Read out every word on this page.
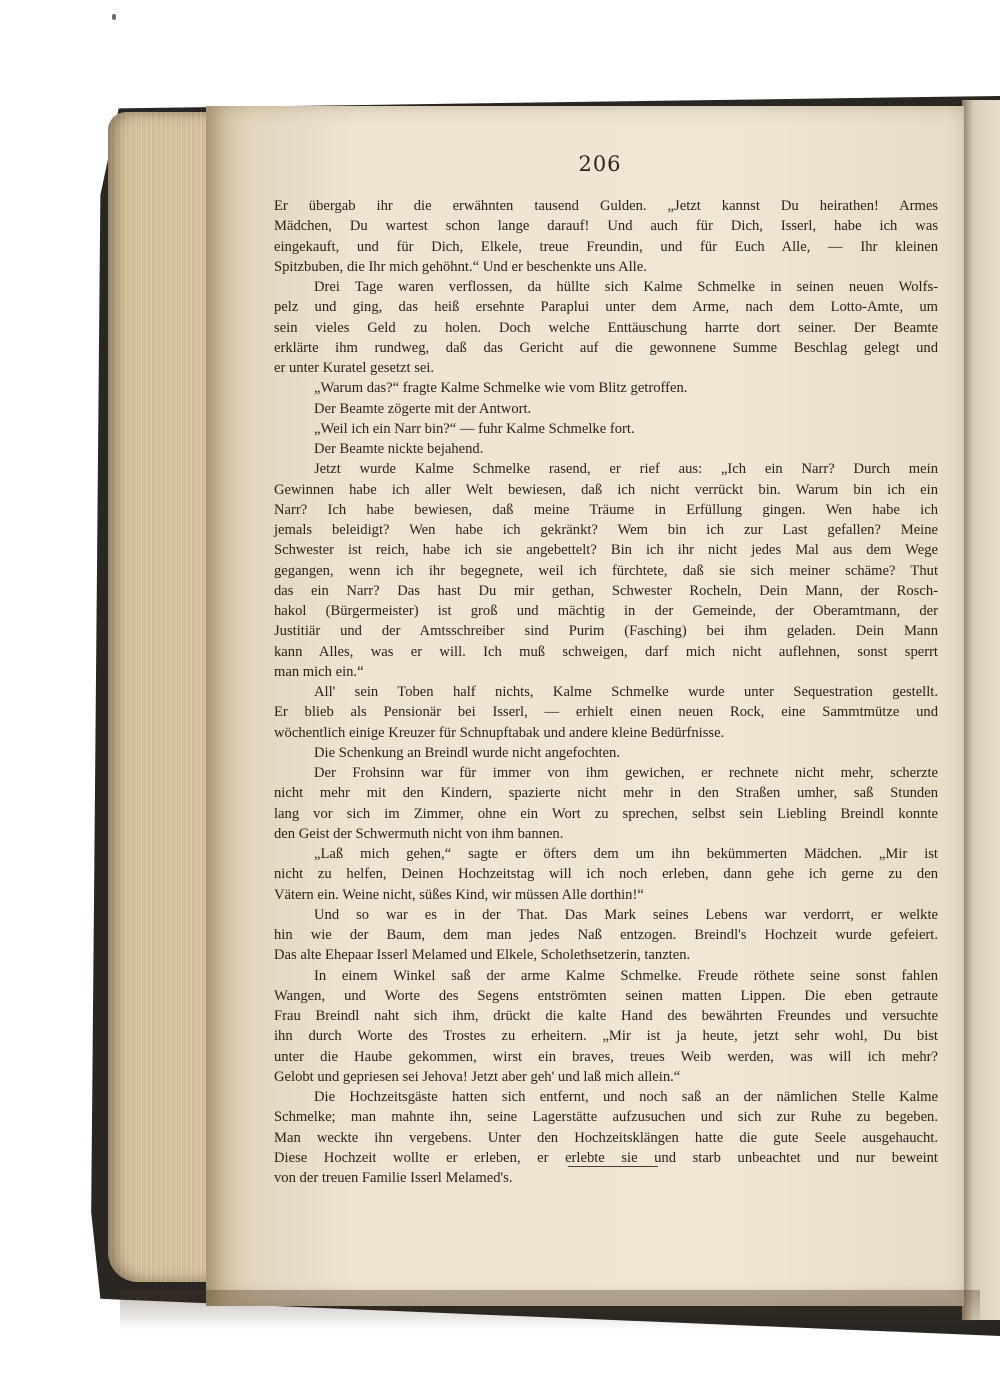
206
Er übergab ihr die erwähnten tausend Gulden. „Jetzt kannst Du heirathen! Armes
Mädchen, Du wartest schon lange darauf! Und auch für Dich, Isserl, habe ich was
eingekauft, und für Dich, Elkele, treue Freundin, und für Euch Alle, — Ihr kleinen
Spitzbuben, die Ihr mich gehöhnt.“ Und er beschenkte uns Alle.
Drei Tage waren verflossen, da hüllte sich Kalme Schmelke in seinen neuen Wolfs-
pelz und ging, das heiß ersehnte Paraplui unter dem Arme, nach dem Lotto-Amte, um
sein vieles Geld zu holen. Doch welche Enttäuschung harrte dort seiner. Der Beamte
erklärte ihm rundweg, daß das Gericht auf die gewonnene Summe Beschlag gelegt und
er unter Kuratel gesetzt sei.
„Warum das?“ fragte Kalme Schmelke wie vom Blitz getroffen.
Der Beamte zögerte mit der Antwort.
„Weil ich ein Narr bin?“ — fuhr Kalme Schmelke fort.
Der Beamte nickte bejahend.
Jetzt wurde Kalme Schmelke rasend, er rief aus: „Ich ein Narr? Durch mein
Gewinnen habe ich aller Welt bewiesen, daß ich nicht verrückt bin. Warum bin ich ein
Narr? Ich habe bewiesen, daß meine Träume in Erfüllung gingen. Wen habe ich
jemals beleidigt? Wen habe ich gekränkt? Wem bin ich zur Last gefallen? Meine
Schwester ist reich, habe ich sie angebettelt? Bin ich ihr nicht jedes Mal aus dem Wege
gegangen, wenn ich ihr begegnete, weil ich fürchtete, daß sie sich meiner schäme? Thut
das ein Narr? Das hast Du mir gethan, Schwester Rocheln, Dein Mann, der Rosch-
hakol (Bürgermeister) ist groß und mächtig in der Gemeinde, der Oberamtmann, der
Justitiär und der Amtsschreiber sind Purim (Fasching) bei ihm geladen. Dein Mann
kann Alles, was er will. Ich muß schweigen, darf mich nicht auflehnen, sonst sperrt
man mich ein.“
All' sein Toben half nichts, Kalme Schmelke wurde unter Sequestration gestellt.
Er blieb als Pensionär bei Isserl, — erhielt einen neuen Rock, eine Sammtmütze und
wöchentlich einige Kreuzer für Schnupftabak und andere kleine Bedürfnisse.
Die Schenkung an Breindl wurde nicht angefochten.
Der Frohsinn war für immer von ihm gewichen, er rechnete nicht mehr, scherzte
nicht mehr mit den Kindern, spazierte nicht mehr in den Straßen umher, saß Stunden
lang vor sich im Zimmer, ohne ein Wort zu sprechen, selbst sein Liebling Breindl konnte
den Geist der Schwermuth nicht von ihm bannen.
„Laß mich gehen,“ sagte er öfters dem um ihn bekümmerten Mädchen. „Mir ist
nicht zu helfen, Deinen Hochzeitstag will ich noch erleben, dann gehe ich gerne zu den
Vätern ein. Weine nicht, süßes Kind, wir müssen Alle dorthin!“
Und so war es in der That. Das Mark seines Lebens war verdorrt, er welkte
hin wie der Baum, dem man jedes Naß entzogen. Breindl's Hochzeit wurde gefeiert.
Das alte Ehepaar Isserl Melamed und Elkele, Scholethsetzerin, tanzten.
In einem Winkel saß der arme Kalme Schmelke. Freude röthete seine sonst fahlen
Wangen, und Worte des Segens entströmten seinen matten Lippen. Die eben getraute
Frau Breindl naht sich ihm, drückt die kalte Hand des bewährten Freundes und versuchte
ihn durch Worte des Trostes zu erheitern. „Mir ist ja heute, jetzt sehr wohl, Du bist
unter die Haube gekommen, wirst ein braves, treues Weib werden, was will ich mehr?
Gelobt und gepriesen sei Jehova! Jetzt aber geh' und laß mich allein.“
Die Hochzeitsgäste hatten sich entfernt, und noch saß an der nämlichen Stelle Kalme
Schmelke; man mahnte ihn, seine Lagerstätte aufzusuchen und sich zur Ruhe zu begeben.
Man weckte ihn vergebens. Unter den Hochzeitsklängen hatte die gute Seele ausgehaucht.
Diese Hochzeit wollte er erleben, er erlebte sie und starb unbeachtet und nur beweint
von der treuen Familie Isserl Melamed's.
